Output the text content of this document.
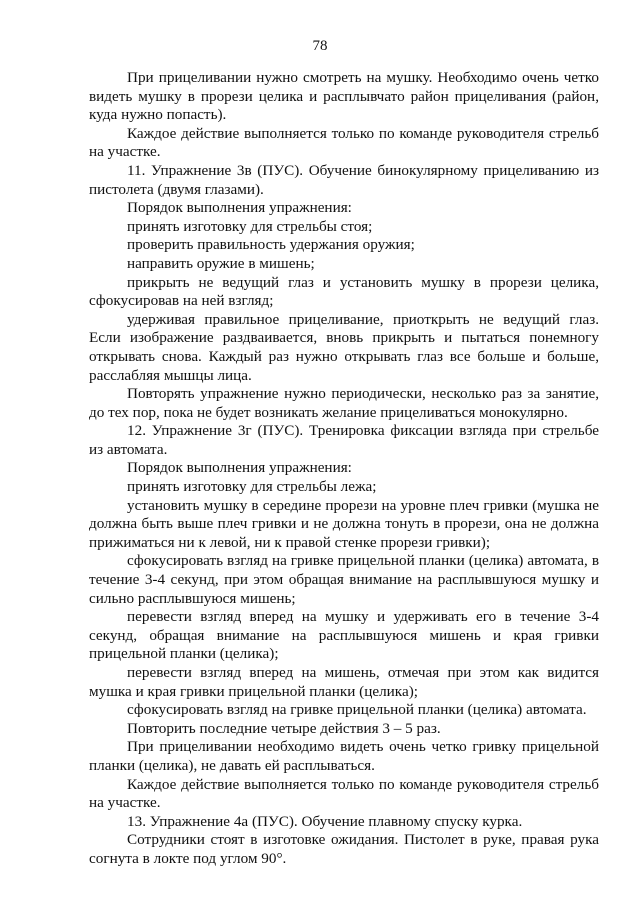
78

При прицеливании нужно смотреть на мушку. Необходимо очень четко видеть мушку в прорези целика и расплывчато район прицеливания (район, куда нужно попасть).

Каждое действие выполняется только по команде руководителя стрельб на участке.

11. Упражнение 3в (ПУС). Обучение бинокулярному прицеливанию из пистолета (двумя глазами).

Порядок выполнения упражнения:

принять изготовку для стрельбы стоя;

проверить правильность удержания оружия;

направить оружие в мишень;

прикрыть не ведущий глаз и установить мушку в прорези целика, сфокусировав на ней взгляд;

удерживая правильное прицеливание, приоткрыть не ведущий глаз. Если изображение раздваивается, вновь прикрыть и пытаться понемногу открывать снова. Каждый раз нужно открывать глаз все больше и больше, расслабляя мышцы лица.

Повторять упражнение нужно периодически, несколько раз за занятие, до тех пор, пока не будет возникать желание прицеливаться монокулярно.

12. Упражнение 3г (ПУС). Тренировка фиксации взгляда при стрельбе из автомата.

Порядок выполнения упражнения:

принять изготовку для стрельбы лежа;

установить мушку в середине прорези на уровне плеч гривки (мушка не должна быть выше плеч гривки и не должна тонуть в прорези, она не должна прижиматься ни к левой, ни к правой стенке прорези гривки);

сфокусировать взгляд на гривке прицельной планки (целика) автомата, в течение 3-4 секунд, при этом обращая внимание на расплывшуюся мушку и сильно расплывшуюся мишень;

перевести взгляд вперед на мушку и удерживать его в течение 3-4 секунд, обращая внимание на расплывшуюся мишень и края гривки прицельной планки (целика);

перевести взгляд вперед на мишень, отмечая при этом как видится мушка и края гривки прицельной планки (целика);

сфокусировать взгляд на гривке прицельной планки (целика) автомата.

Повторить последние четыре действия 3 – 5 раз.

При прицеливании необходимо видеть очень четко гривку прицельной планки (целика), не давать ей расплываться.

Каждое действие выполняется только по команде руководителя стрельб на участке.

13. Упражнение 4а (ПУС). Обучение плавному спуску курка.

Сотрудники стоят в изготовке ожидания. Пистолет в руке, правая рука согнута в локте под углом 90°.
